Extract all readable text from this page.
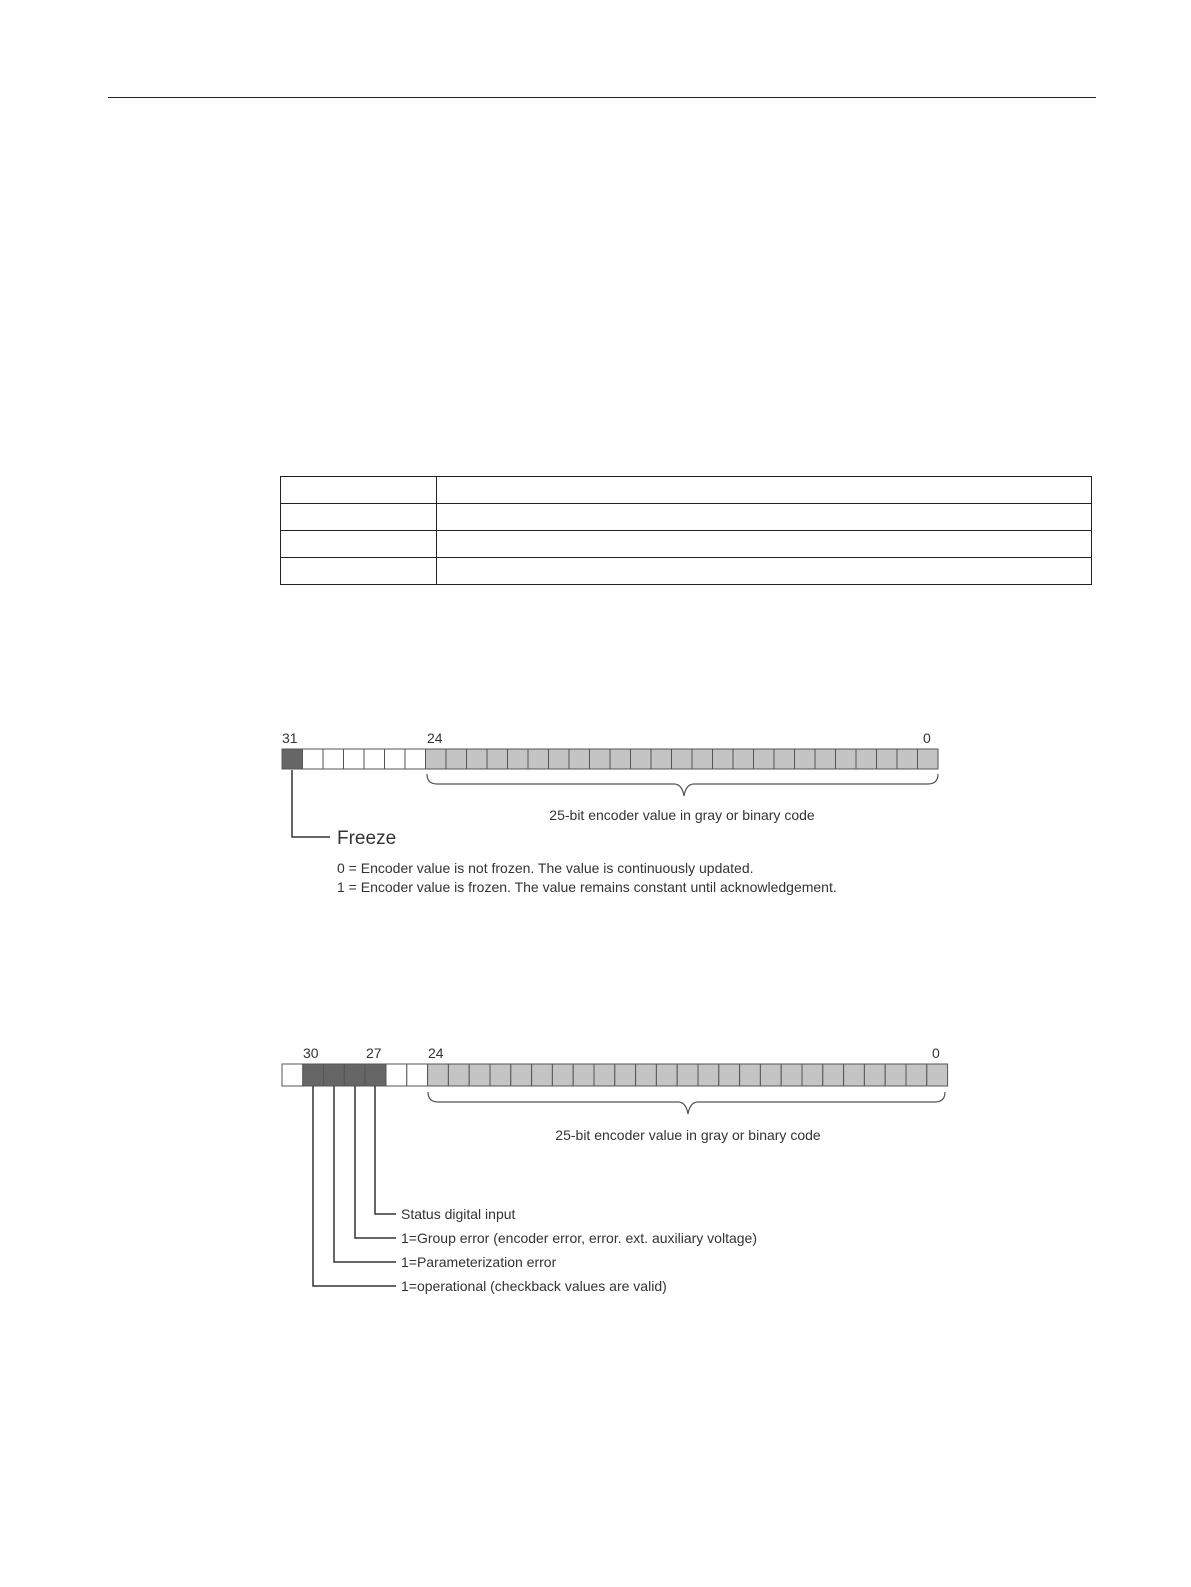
31	24	0
25-bit encoder value in gray or binary code
Freeze
0 = Encoder value is not frozen. The value is continuously updated.
1 = Encoder value is frozen. The value remains constant until acknowledgement.
30	27	24	0
25-bit encoder value in gray or binary code
Status digital input
1=Group error (encoder error, error. ext. auxiliary voltage)
1=Parameterization error
1=operational (checkback values are valid)
